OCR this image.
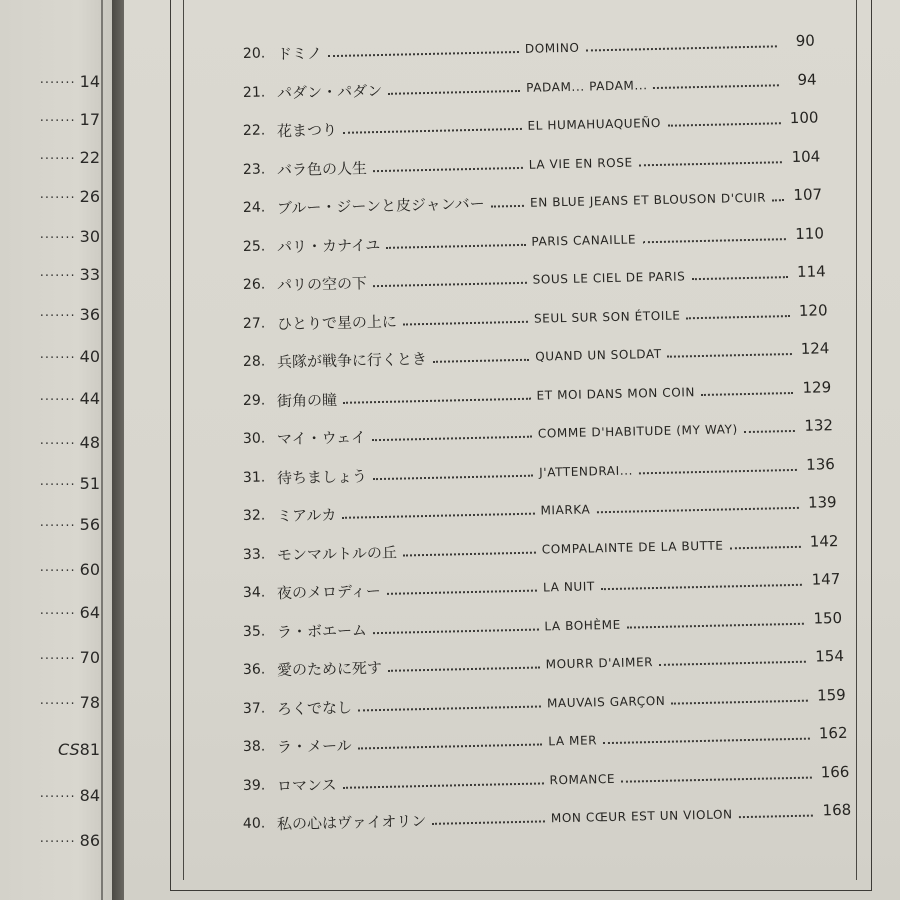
······· 14
······· 17
······· 22
······· 26
······· 30
······· 33
······· 36
······· 40
······· 44
······· 48
······· 51
······· 56
······· 60
······· 64
······· 70
······· 78
CS81
······· 84
······· 86
20. ドミノ	DOMINO	90
21. パダン・パダン	PADAM... PADAM...	94
22. 花まつり	EL HUMAHUAQUEÑO	100
23. バラ色の人生	LA VIE EN ROSE	104
24. ブルー・ジーンと皮ジャンバー	EN BLUE JEANS ET BLOUSON D'CUIR	107
25. パリ・カナイユ	PARIS CANAILLE	110
26. パリの空の下	SOUS LE CIEL DE PARIS	114
27. ひとりで星の上に	SEUL SUR SON ÉTOILE	120
28. 兵隊が戦争に行くとき	QUAND UN SOLDAT	124
29. 街角の瞳	ET MOI DANS MON COIN	129
30. マイ・ウェイ	COMME D'HABITUDE (MY WAY)	132
31. 待ちましょう	J'ATTENDRAI...	136
32. ミアルカ	MIARKA	139
33. モンマルトルの丘	COMPALAINTE DE LA BUTTE	142
34. 夜のメロディー	LA NUIT	147
35. ラ・ボエーム	LA BOHÈME	150
36. 愛のために死す	MOURR D'AIMER	154
37. ろくでなし	MAUVAIS GARÇON	159
38. ラ・メール	LA MER	162
39. ロマンス	ROMANCE	166
40. 私の心はヴァイオリン	MON CŒUR EST UN VIOLON	168
